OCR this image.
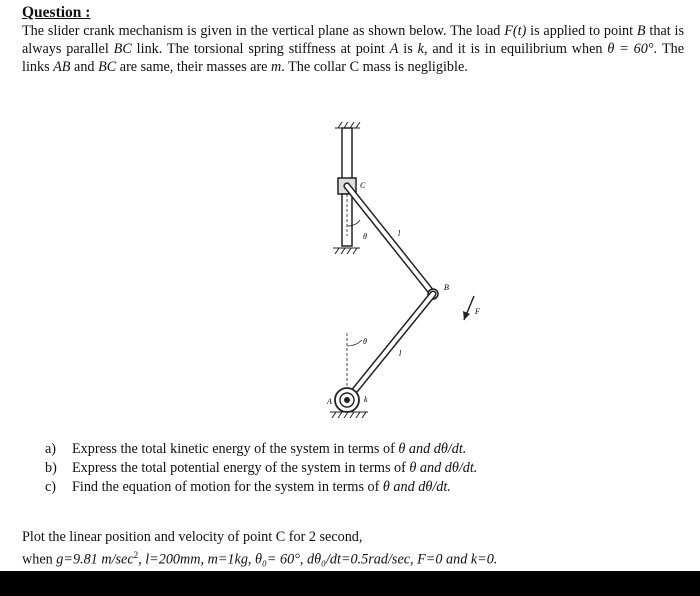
Question :
The slider crank mechanism is given in the vertical plane as shown below. The load F(t) is applied to point B that is always parallel BC link. The torsional spring stiffness at point A is k, and it is in equilibrium when θ = 60°. The links AB and BC are same, their masses are m. The collar C mass is negligible.
C
θ	l
B
F
l
θ
A	k
a)	Express the total kinetic energy of the system in terms of
θ and dθ/dt.
b)	Express the total potential energy of the system in terms of
θ and dθ/dt.
c)	Find the equation of motion for the system in terms of
θ and dθ/dt.
Plot the linear position and velocity of point C for 2 second,
when g=9.81 $m/\sec^2$, l=200mm, m=1kg, θ₀= 60°, dθ₀/dt=0.5rad/sec, F=0 and k=0.
